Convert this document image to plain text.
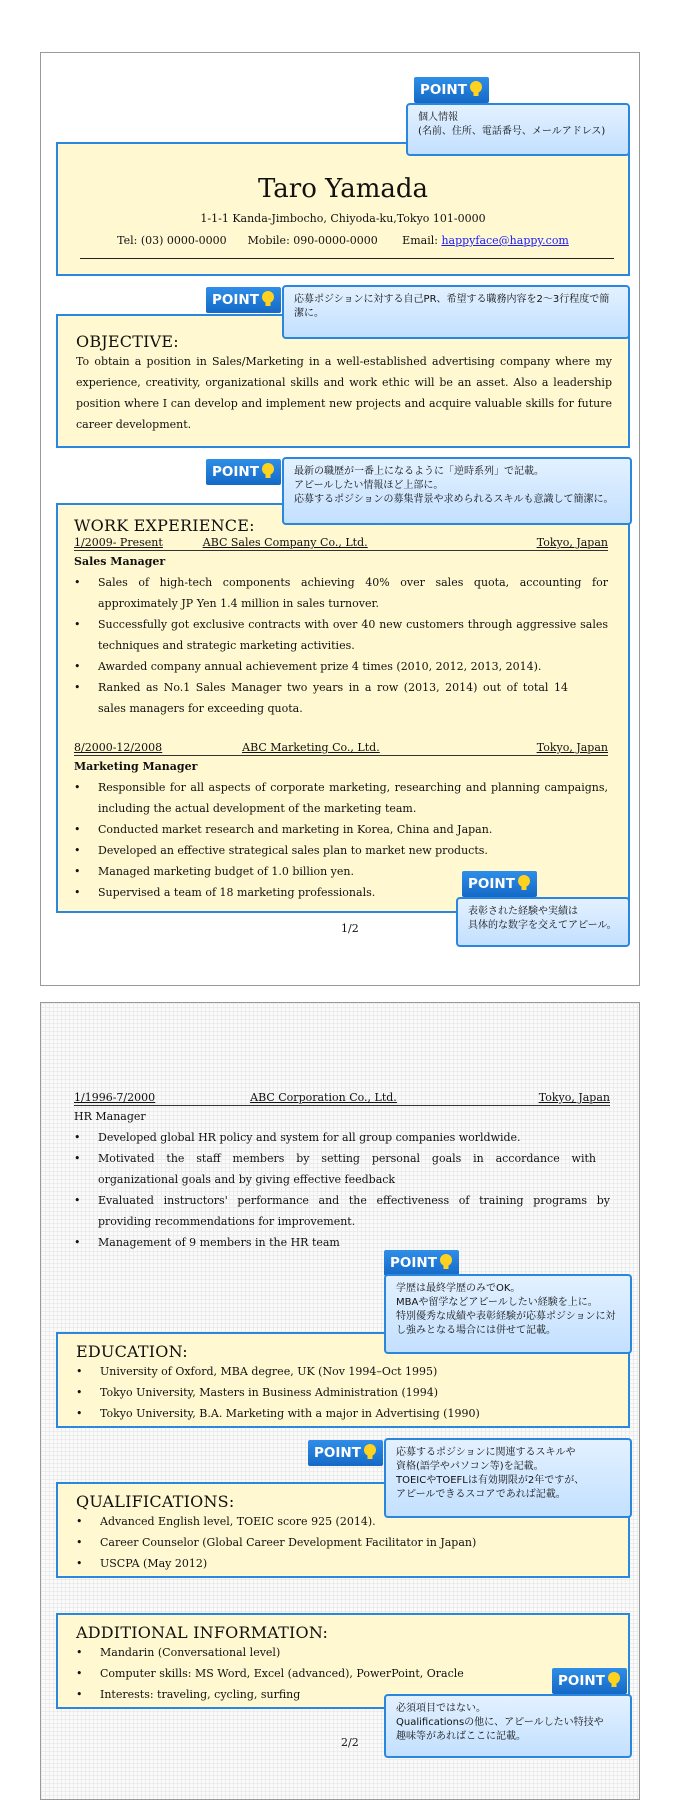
Taro Yamada
1-1-1 Kanda-Jimbocho, Chiyoda-ku,Tokyo 101-0000
Tel: (03) 0000-0000 Mobile: 090-0000-0000 Email: happyface@happy.com
POINT
個人情報
(名前、住所、電話番号、メールアドレス)
OBJECTIVE:
To obtain a position in Sales/Marketing in a well-established advertising company where my experience, creativity, organizational skills and work ethic will be an asset. Also a leadership position where I can develop and implement new projects and acquire valuable skills for future career development.
POINT	応募ポジションに対する自己PR、希望する職務内容を2～3行程度で簡潔に。
WORK EXPERIENCE:
1/2009- Present	ABC Sales Company Co., Ltd.	Tokyo, Japan
Sales Manager
• Sales of high-tech components achieving 40% over sales quota, accounting for approximately JP Yen 1.4 million in sales turnover.
• Successfully got exclusive contracts with over 40 new customers through aggressive sales techniques and strategic marketing activities.
• Awarded company annual achievement prize 4 times (2010, 2012, 2013, 2014).
• Ranked as No.1 Sales Manager two years in a row (2013, 2014) out of total 14 sales managers for exceeding quota.
8/2000-12/2008	ABC Marketing Co., Ltd.	Tokyo, Japan
Marketing Manager
• Responsible for all aspects of corporate marketing, researching and planning campaigns, including the actual development of the marketing team.
• Conducted market research and marketing in Korea, China and Japan.
• Developed an effective strategical sales plan to market new products.
• Managed marketing budget of 1.0 billion yen.
• Supervised a team of 18 marketing professionals.
POINT	最新の職歴が一番上になるように「逆時系列」で記載。
アピールしたい情報ほど上部に。
応募するポジションの募集背景や求められるスキルも意識して簡潔に。
POINT
表彰された経験や実績は
具体的な数字を交えてアピール。
1/2
1/1996-7/2000	ABC Corporation Co., Ltd.	Tokyo, Japan
HR Manager
• Developed global HR policy and system for all group companies worldwide.
• Motivated the staff members by setting personal goals in accordance with organizational goals and by giving effective feedback
• Evaluated instructors' performance and the effectiveness of training programs by providing recommendations for improvement.
• Management of 9 members in the HR team
EDUCATION:
• University of Oxford, MBA degree, UK (Nov 1994–Oct 1995)
• Tokyo University, Masters in Business Administration (1994)
• Tokyo University, B.A. Marketing with a major in Advertising (1990)
POINT
学歴は最終学歴のみでOK。
MBAや留学などアピールしたい経験を上に。
特別優秀な成績や表彰経験が応募ポジションに対し強みとなる場合には併せて記載。
QUALIFICATIONS:
• Advanced English level, TOEIC score 925 (2014).
• Career Counselor (Global Career Development Facilitator in Japan)
• USCPA (May 2012)
POINT	応募するポジションに関連するスキルや
資格(語学やパソコン等)を記載。
TOEICやTOEFLは有効期限が2年ですが、
アピールできるスコアであれば記載。
ADDITIONAL INFORMATION:
• Mandarin (Conversational level)
• Computer skills: MS Word, Excel (advanced), PowerPoint, Oracle
• Interests: traveling, cycling, surfing
POINT
必須項目ではない。
Qualificationsの他に、アピールしたい特技や
趣味等があればここに記載。
2/2
